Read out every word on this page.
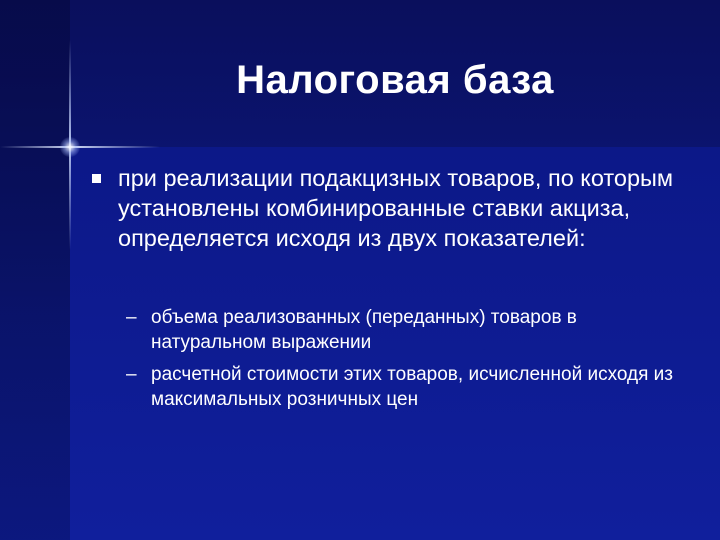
Налоговая база
при реализации подакцизных товаров, по которым установлены комбинированные ставки акциза, определяется исходя из двух показателей:
– объема реализованных (переданных) товаров в натуральном выражении
– расчетной стоимости этих товаров, исчисленной исходя из максимальных розничных цен
